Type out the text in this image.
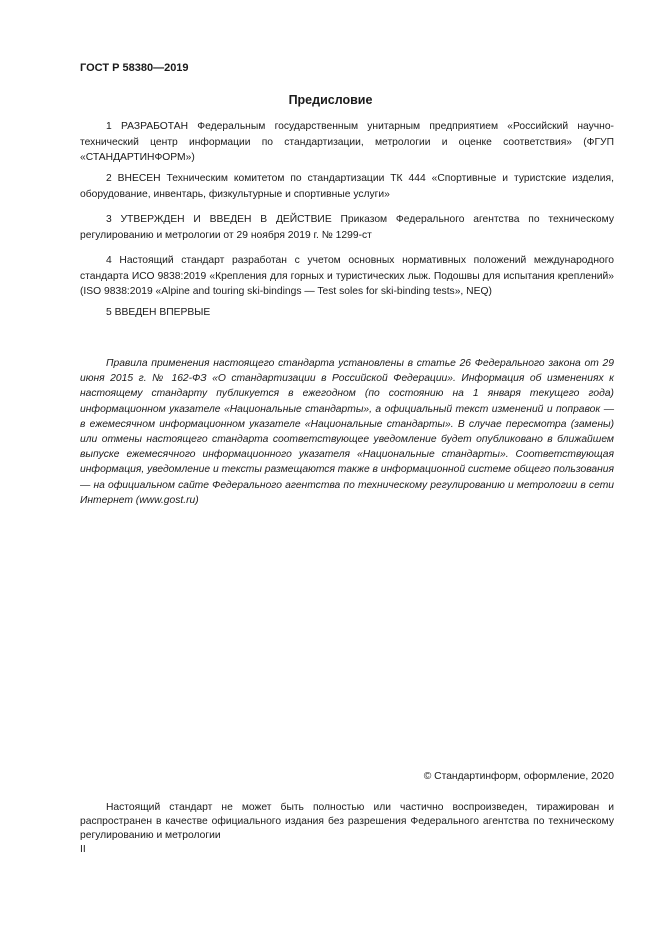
ГОСТ Р 58380—2019
Предисловие
1 РАЗРАБОТАН Федеральным государственным унитарным предприятием «Российский научно-технический центр информации по стандартизации, метрологии и оценке соответствия» (ФГУП «СТАНДАРТИНФОРМ»)
2 ВНЕСЕН Техническим комитетом по стандартизации ТК 444 «Спортивные и туристские изделия, оборудование, инвентарь, физкультурные и спортивные услуги»
3 УТВЕРЖДЕН И ВВЕДЕН В ДЕЙСТВИЕ Приказом Федерального агентства по техническому регулированию и метрологии от 29 ноября 2019 г. № 1299-ст
4 Настоящий стандарт разработан с учетом основных нормативных положений международного стандарта ИСО 9838:2019 «Крепления для горных и туристических лыж. Подошвы для испытания креплений» (ISO 9838:2019 «Alpine and touring ski-bindings — Test soles for ski-binding tests», NEQ)
5 ВВЕДЕН ВПЕРВЫЕ
Правила применения настоящего стандарта установлены в статье 26 Федерального закона от 29 июня 2015 г. № 162-ФЗ «О стандартизации в Российской Федерации». Информация об изменениях к настоящему стандарту публикуется в ежегодном (по состоянию на 1 января текущего года) информационном указателе «Национальные стандарты», а официальный текст изменений и поправок — в ежемесячном информационном указателе «Национальные стандарты». В случае пересмотра (замены) или отмены настоящего стандарта соответствующее уведомление будет опубликовано в ближайшем выпуске ежемесячного информационного указателя «Национальные стандарты». Соответствующая информация, уведомление и тексты размещаются также в информационной системе общего пользования — на официальном сайте Федерального агентства по техническому регулированию и метрологии в сети Интернет (www.gost.ru)
© Стандартинформ, оформление, 2020
Настоящий стандарт не может быть полностью или частично воспроизведен, тиражирован и распространен в качестве официального издания без разрешения Федерального агентства по техническому регулированию и метрологии
II
